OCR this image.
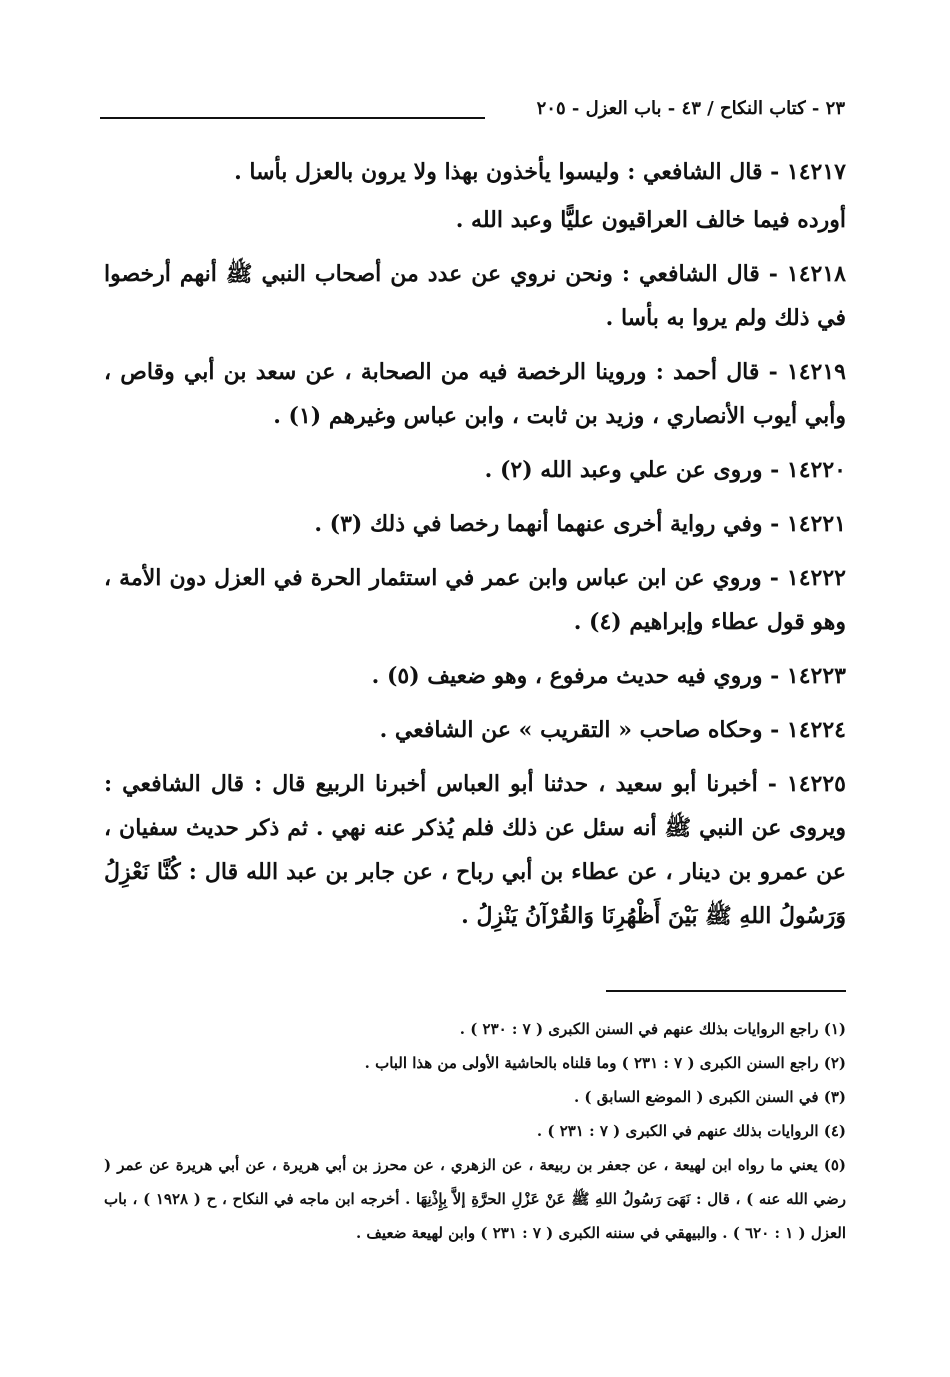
٢٣ - كتاب النكاح / ٤٣ - باب العزل - ٢٠٥

١٤٢١٧ - قال الشافعي : وليسوا يأخذون بهذا ولا يرون بالعزل بأسا .

أورده فيما خالف العراقيون عليًّا وعبد الله .

١٤٢١٨ - قال الشافعي : ونحن نروي عن عدد من أصحاب النبي ﷺ أنهم أرخصوا في ذلك ولم يروا به بأسا .

١٤٢١٩ - قال أحمد : وروينا الرخصة فيه من الصحابة ، عن سعد بن أبي وقاص ، وأبي أيوب الأنصاري ، وزيد بن ثابت ، وابن عباس وغيرهم (١) .

١٤٢٢٠ - وروى عن علي وعبد الله (٢) .

١٤٢٢١ - وفي رواية أخرى عنهما أنهما رخصا في ذلك (٣) .

١٤٢٢٢ - وروي عن ابن عباس وابن عمر في استئمار الحرة في العزل دون الأمة ، وهو قول عطاء وإبراهيم (٤) .

١٤٢٢٣ - وروي فيه حديث مرفوع ، وهو ضعيف (٥) .

١٤٢٢٤ - وحكاه صاحب « التقريب » عن الشافعي .

١٤٢٢٥ - أخبرنا أبو سعيد ، حدثنا أبو العباس أخبرنا الربيع قال : قال الشافعي : ويروى عن النبي ﷺ أنه سئل عن ذلك فلم يُذكر عنه نهي . ثم ذكر حديث سفيان ، عن عمرو بن دينار ، عن عطاء بن أبي رباح ، عن جابر بن عبد الله قال : كُنَّا نَعْزِلُ وَرَسُولُ اللهِ ﷺ بَيْنَ أَظْهُرِنَا وَالقُرْآنُ يَنْزِلُ .

(١) راجع الروايات بذلك عنهم في السنن الكبرى ( ٧ : ٢٣٠ ) .

(٢) راجع السنن الكبرى ( ٧ : ٢٣١ ) وما قلناه بالحاشية الأولى من هذا الباب .

(٣) في السنن الكبرى ( الموضع السابق ) .

(٤) الروايات بذلك عنهم في الكبرى ( ٧ : ٢٣١ ) .

(٥) يعني ما رواه ابن لهيعة ، عن جعفر بن ربيعة ، عن الزهري ، عن محرز بن أبي هريرة ، عن أبي هريرة عن عمر ( رضي الله عنه ) ، قال : نَهَىَ رَسُولُ اللهِ ﷺ عَنْ عَزْلِ الحرَّةِ إلاَّ بِإِذْنِهَا . أخرجه ابن ماجه في النكاح ، ح ( ١٩٢٨ ) ، باب العزل ( ١ : ٦٢٠ ) . والبيهقي في سننه الكبرى ( ٧ : ٢٣١ ) وابن لهيعة ضعيف .
